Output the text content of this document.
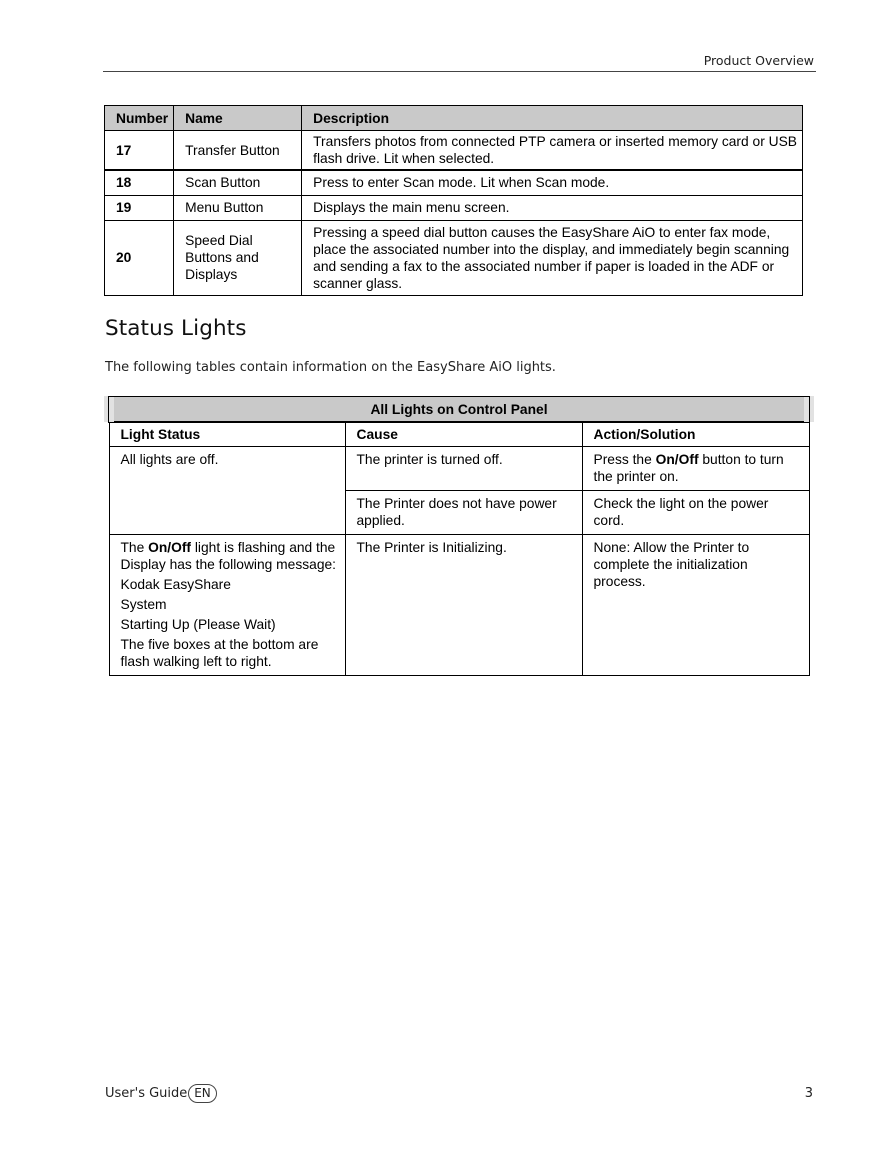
Product Overview
Number	Name	Description
17	Transfer Button	Transfers photos from connected PTP camera or inserted memory card or USB flash drive. Lit when selected.
18	Scan Button	Press to enter Scan mode. Lit when Scan mode.
19	Menu Button	Displays the main menu screen.
20	Speed Dial Buttons and Displays	Pressing a speed dial button causes the EasyShare AiO to enter fax mode, place the associated number into the display, and immediately begin scanning and sending a fax to the associated number if paper is loaded in the ADF or scanner glass.
Status Lights
The following tables contain information on the EasyShare AiO lights.
All Lights on Control Panel		
Light Status	Cause	Action/Solution
All lights are off.	The printer is turned off.	Press the On/Off button to turn the printer on.
	The Printer does not have power applied.	Check the light on the power cord.

The On/Off light is flashing and the Display has the following message:

Kodak EasyShare

System

Starting Up (Please Wait)

The five boxes at the bottom are flash walking left to right.	The Printer is Initializing.	None: Allow the Printer to complete the initialization process.
User's Guide EN	3
